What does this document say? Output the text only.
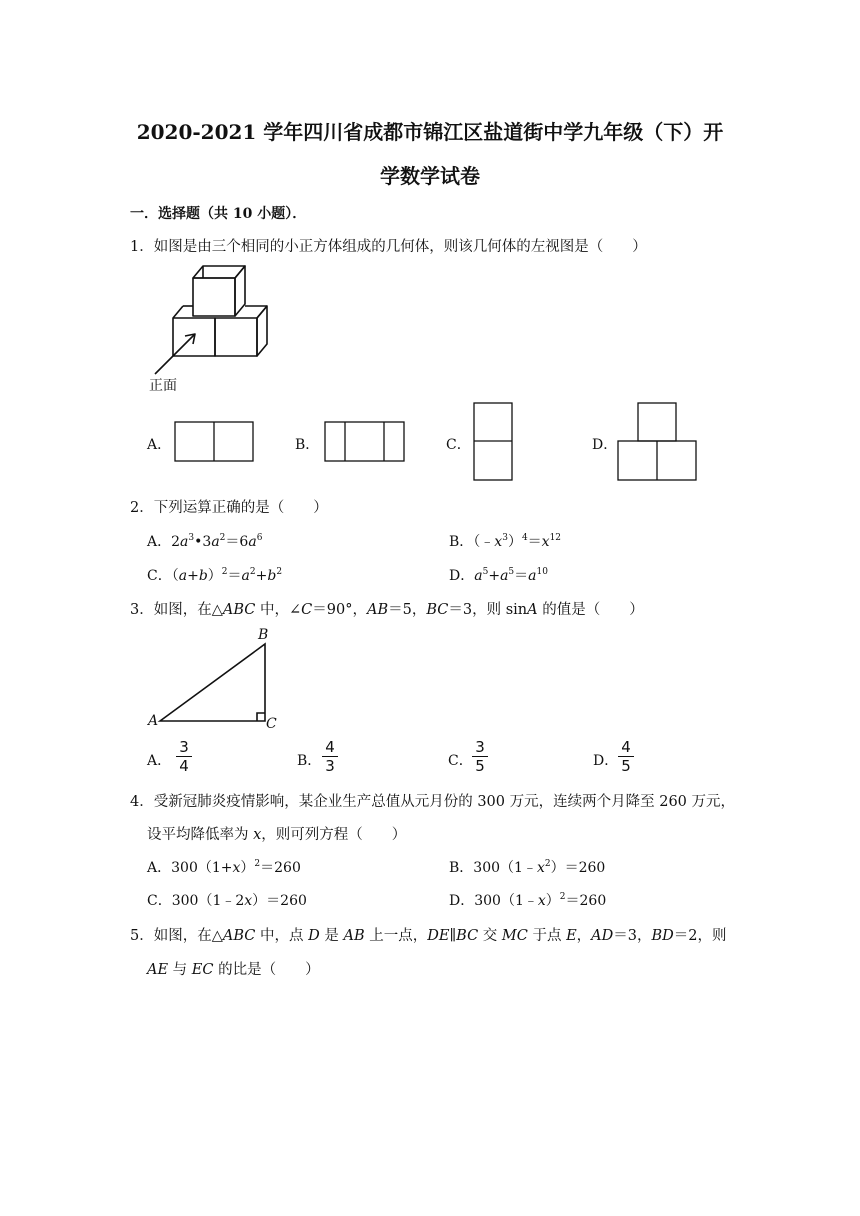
2020-2021 学年四川省成都市锦江区盐道街中学九年级（下）开
学数学试卷
一．选择题（共 10 小题）．
1．如图是由三个相同的小正方体组成的几何体，则该几何体的左视图是（　　）
正面
A．	B．	C．	D．
2．下列运算正确的是（　　）
A．$2a^3•3a^2=6a^6$	B．$(﹣x^3)^4=x^{12}$
C．$(a+b)^2=a^2+b^2$	D．$a^5+a^5=a^{10}$
3．如图，在△ABC 中，∠C＝90°，AB＝5，BC＝3，则 sinA 的值是（　　）
A
B
C
A． $\frac{3}{4}$	B． $\frac{4}{3}$	C． $\frac{3}{5}$	D． $\frac{4}{5}$
4．受新冠肺炎疫情影响，某企业生产总值从元月份的 300 万元，连续两个月降至 260 万元，
设平均降低率为 x，则可列方程（　　）
A．$300(1+x)^2=260$	B．$300(1﹣x^2)=260$
C．300（1﹣2x）＝260	D．300（1﹣x）$^2$＝260
5．如图，在△ABC 中，点 D 是 AB 上一点，DE∥BC 交 MC 于点 E，AD＝3，BD＝2，则
AE 与 EC 的比是（　　）
